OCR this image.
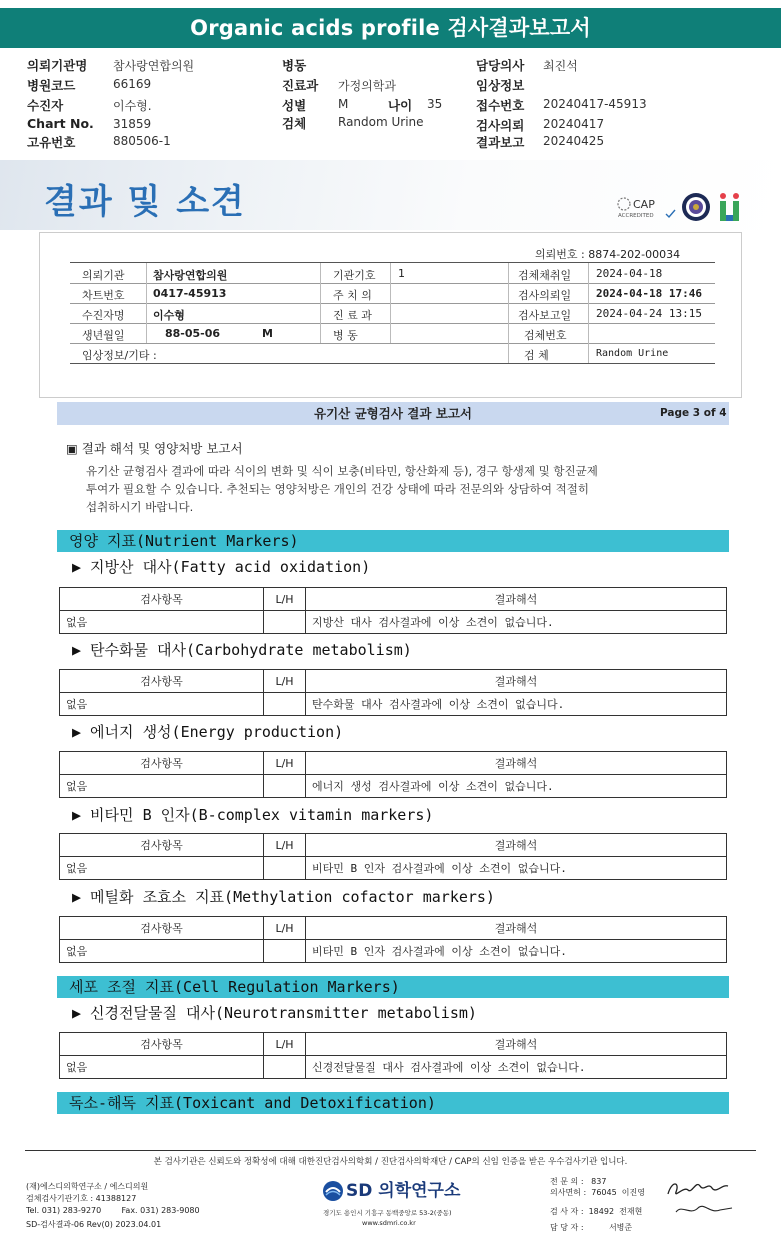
Organic acids profile 검사결과보고서
의뢰기관명 참사랑연합의원
병원코드	66169
수진자	이수형.
Chart No. 31859
고유번호	880506-1
병동
진료과 가정의학과
성별	M	나이 35
검체	Random Urine
담당의사 최진석
임상정보
접수번호 20240417-45913
검사의뢰 20240417
결과보고 20240425
결과 및 소견	CAP
ACCREDITED
의뢰번호 : 8874-202-00034
의뢰기관	참사랑연합의원	기관기호 1	검체채취일 2024-04-18
차트번호	0417-45913	주 치 의	검사의뢰일 2024-04-18 17:46
수진자명	이수형	진 료 과	검사보고일 2024-04-24 13:15
생년월일	88-05-06	M	병 동	검체번호
임상정보/기타 :	검 체	Random Urine
유기산 균형검사 결과 보고서	Page 3 of 4
▣ 결과 해석 및 영양처방 보고서
유기산 균형검사 결과에 따라 식이의 변화 및 식이 보충(비타민, 항산화제 등), 경구 항생제 및 항진균제
투여가 필요할 수 있습니다. 추천되는 영양처방은 개인의 건강 상태에 따라 전문의와 상담하여 적절히
섭취하시기 바랍니다.
영양 지표(Nutrient Markers)
▶ 지방산 대사(Fatty acid oxidation)
검사항목	L/H	결과해석
없음		지방산 대사 검사결과에 이상 소견이 없습니다.
▶ 탄수화물 대사(Carbohydrate metabolism)
검사항목	L/H	결과해석
없음		탄수화물 대사 검사결과에 이상 소견이 없습니다.
▶ 에너지 생성(Energy production)
검사항목	L/H	결과해석
없음		에너지 생성 검사결과에 이상 소견이 없습니다.
▶ 비타민 B 인자(B-complex vitamin markers)
검사항목	L/H	결과해석
없음		비타민 B 인자 검사결과에 이상 소견이 없습니다.
▶ 메틸화 조효소 지표(Methylation cofactor markers)
검사항목	L/H	결과해석
없음		비타민 B 인자 검사결과에 이상 소견이 없습니다.
세포 조절 지표(Cell Regulation Markers)
▶ 신경전달물질 대사(Neurotransmitter metabolism)
검사항목	L/H	결과해석
없음		신경전달물질 대사 검사결과에 이상 소견이 없습니다.
독소-해독 지표(Toxicant and Detoxification)
본 검사기관은 신뢰도와 정확성에 대해 대한진단검사의학회 / 진단검사의학재단 / CAP의 신임 인증을 받은 우수검사기관 입니다.
(재)에스디의학연구소 / 에스디의원
검체검사기관기호 : 41388127
Tel. 031) 283-9270        Fax. 031) 283-9080
SD-검사결과-06 Rev(0) 2023.04.01
SD 의학연구소
경기도 용인시 기흥구 동백중앙로 53-2(중동)
www.sdmri.co.kr
전 문 의 :   837
의사면허 :  76045  이진영
검 사 자 :  18492  전재현
담 당 자 :          서병준
